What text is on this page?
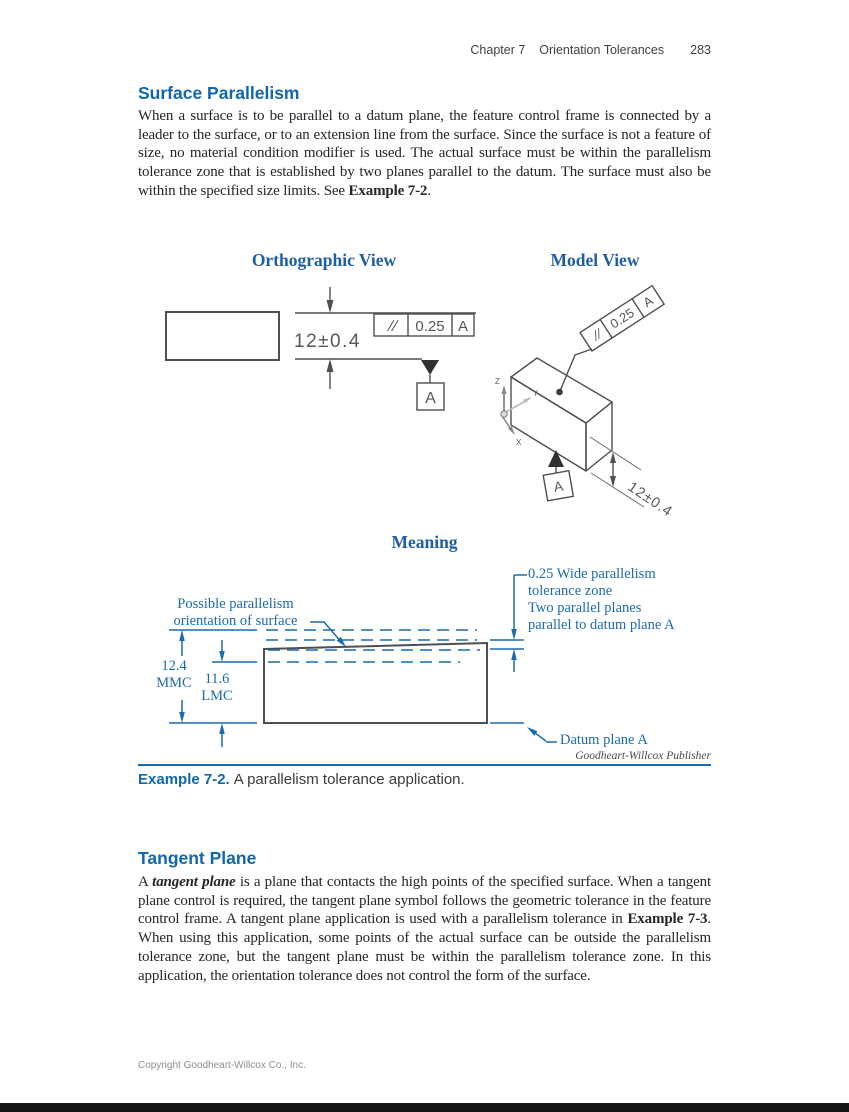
Chapter 7 Orientation Tolerances 283
Surface Parallelism

When a surface is to be parallel to a datum plane, the feature control frame is connected by a leader to the surface, or to an extension line from the surface. Since the surface is not a feature of size, no material condition modifier is used. The actual surface must be within the parallelism tolerance zone that is established by two planes parallel to the datum. The surface must also be within the specified size limits. See Example 7-2.

Orthographic View	Model View
Meaning
12±0.4
// 0.25 A
A
Z
Y
X
//
0.25
A
A	12±0.4
Possible parallelism
orientation of surface
0.25 Wide parallelism
tolerance zone
Two parallel planes
parallel to datum plane A
12.4
MMC 11.6
LMC
Datum plane A
Goodheart-Willcox Publisher
Example 7-2. A parallelism tolerance application.
Tangent Plane

A tangent plane is a plane that contacts the high points of the specified surface. When a tangent plane control is required, the tangent plane symbol follows the geometric tolerance in the feature control frame. A tangent plane application is used with a parallelism tolerance in Example 7-3. When using this application, some points of the actual surface can be outside the parallelism tolerance zone, but the tangent plane must be within the parallelism tolerance zone. In this application, the orientation tolerance does not control the form of the surface.

Copyright Goodheart-Willcox Co., Inc.
